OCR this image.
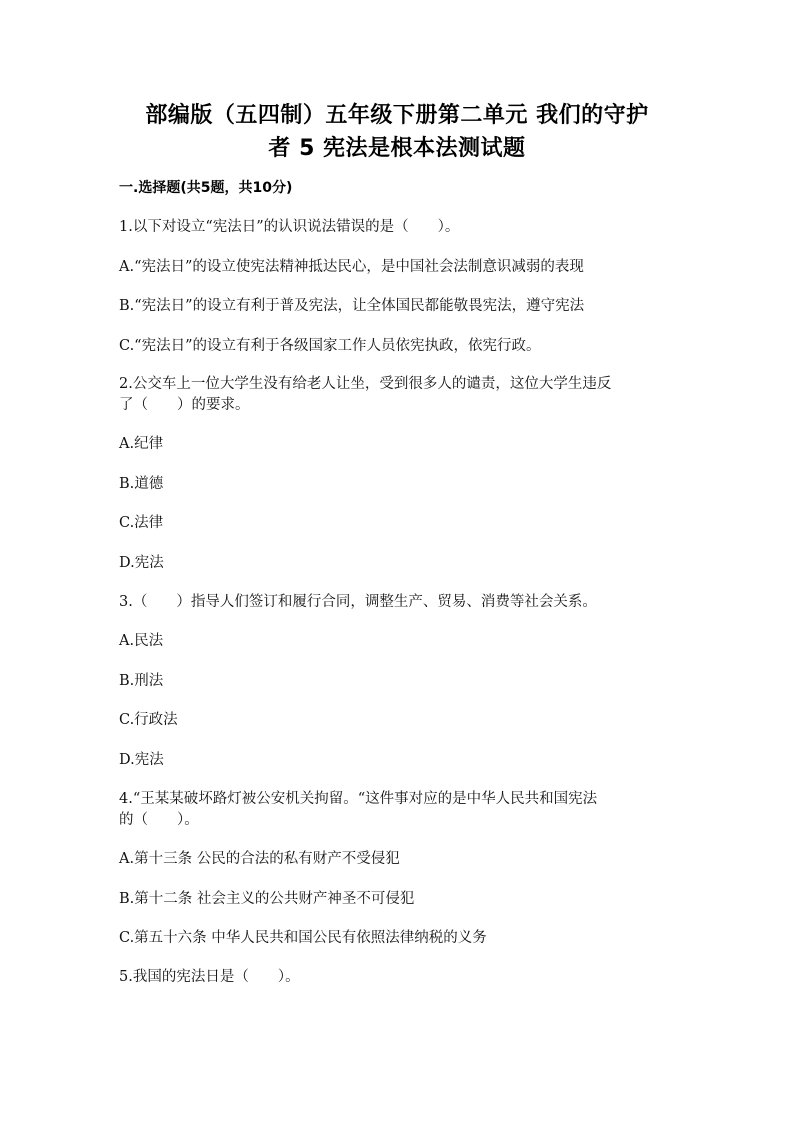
部编版（五四制）五年级下册第二单元 我们的守护
者 5 宪法是根本法测试题
一.选择题(共5题，共10分)
1.以下对设立“宪法日”的认识说法错误的是（　　）。
A.“宪法日”的设立使宪法精神抵达民心，是中国社会法制意识减弱的表现
B.“宪法日”的设立有利于普及宪法，让全体国民都能敬畏宪法，遵守宪法
C.“宪法日”的设立有利于各级国家工作人员依宪执政，依宪行政。
2.公交车上一位大学生没有给老人让坐，受到很多人的谴责，这位大学生违反
了（　　）的要求。
A.纪律
B.道德
C.法律
D.宪法
3.（　　）指导人们签订和履行合同，调整生产、贸易、消费等社会关系。
A.民法
B.刑法
C.行政法
D.宪法
4.“王某某破坏路灯被公安机关拘留。“这件事对应的是中华人民共和国宪法
的（　　）。
A.第十三条 公民的合法的私有财产不受侵犯
B.第十二条 社会主义的公共财产神圣不可侵犯
C.第五十六条 中华人民共和国公民有依照法律纳税的义务
5.我国的宪法日是（　　）。
